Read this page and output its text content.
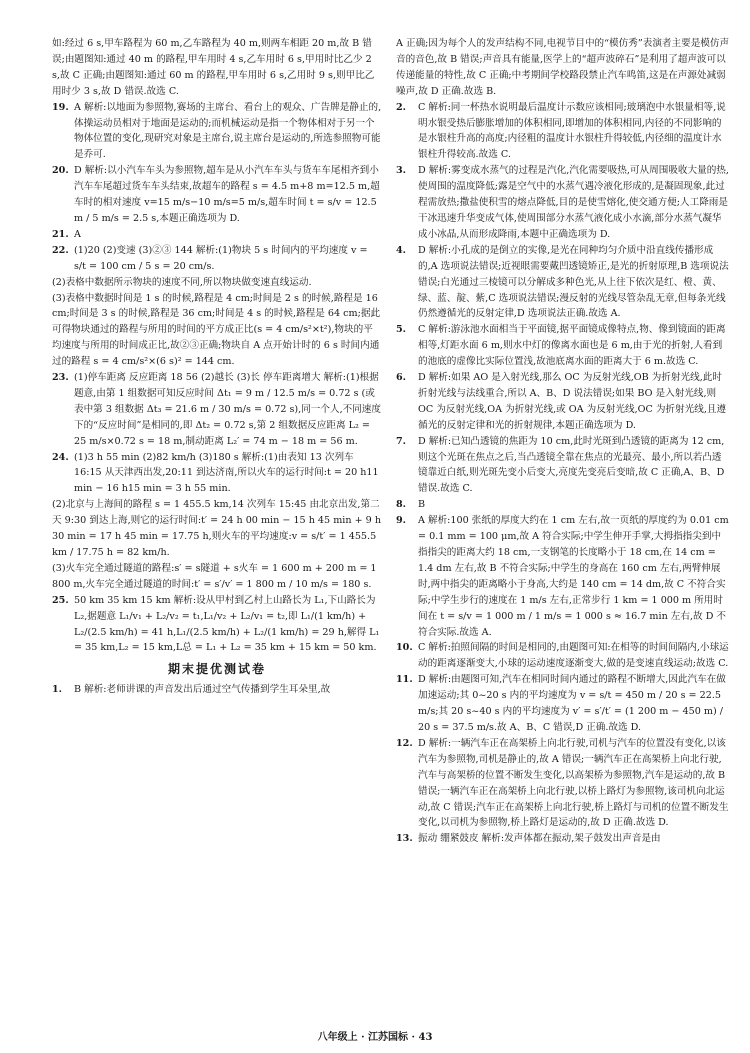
如:经过 6 s,甲车路程为 60 m,乙车路程为 40 m,则两车相距 20 m,故 B 错误;由题图知:通过 40 m 的路程,甲车用时 4 s,乙车用时 6 s,甲用时比乙少 2 s,故 C 正确;由题图知:通过 60 m 的路程,甲车用时 6 s,乙用时 9 s,则甲比乙用时少 3 s,故 D 错误.故选 C.

19. A 解析:以地面为参照物,赛场的主席台、看台上的观众、广告牌是静止的,体操运动员相对于地面是运动的;而机械运动是指一个物体相对于另一个物体位置的变化,现研究对象是主席台,说主席台是运动的,所选参照物可能是乔可.

20. D 解析:以小汽车车头为参照物,超车是从小汽车车头与货车车尾相齐到小汽车车尾超过货车车头结束,故超车的路程 s = 4.5 m+8 m=12.5 m,超车时的相对速度 v=15 m/s−10 m/s=5 m/s,超车时间 t = s/v = 12.5 m / 5 m/s = 2.5 s,本题正确选项为 D.

21. A

22. (1)20 (2)变速 (3)②③ 144 解析:(1)物块 5 s 时间内的平均速度 v = s/t = 100 cm / 5 s = 20 cm/s.

(2)表格中数据所示物块的速度不同,所以物块做变速直线运动.

(3)表格中数据时间是 1 s 的时候,路程是 4 cm;时间是 2 s 的时候,路程是 16 cm;时间是 3 s 的时候,路程是 36 cm;时间是 4 s 的时候,路程是 64 cm;据此可得物块通过的路程与所用的时间的平方成正比(s = 4 cm/s²×t²),物块的平均速度与所用的时间成正比,故②③正确;物块自 A 点开始计时的 6 s 时间内通过的路程 s = 4 cm/s²×(6 s)² = 144 cm.

23. (1)停车距离 反应距离 18 56 (2)越长 (3)长 停车距离增大 解析:(1)根据题意,由第 1 组数据可知反应时间 Δt₁ = 9 m / 12.5 m/s = 0.72 s (或表中第 3 组数据 Δt₃ = 21.6 m / 30 m/s = 0.72 s),同一个人,不同速度下的“反应时间”是相同的,即 Δt₂ = 0.72 s,第 2 组数据反应距离 L₂ = 25 m/s×0.72 s = 18 m,制动距离 L₂′ = 74 m − 18 m = 56 m.

24. (1)3 h 55 min (2)82 km/h (3)180 s 解析:(1)由表知 13 次列车 16:15 从天津西出发,20:11 到达济南,所以火车的运行时间:t = 20 h11 min − 16 h15 min = 3 h 55 min.

(2)北京与上海间的路程 s = 1 455.5 km,14 次列车 15:45 由北京出发,第二天 9:30 到达上海,则它的运行时间:t′ = 24 h 00 min − 15 h 45 min + 9 h 30 min = 17 h 45 min = 17.75 h,则火车的平均速度:v = s/t′ = 1 455.5 km / 17.75 h = 82 km/h.

(3)火车完全通过隧道的路程:s′ = s隧道 + s火车 = 1 600 m + 200 m = 1 800 m,火车完全通过隧道的时间:t′ = s′/v′ = 1 800 m / 10 m/s = 180 s.

25. 50 km 35 km 15 km 解析:设从甲村到乙村上山路长为 L₁,下山路长为 L₂,据题意 L₁/v₁ + L₂/v₂ = t₁,L₁/v₂ + L₂/v₁ = t₂,即 L₁/(1 km/h) + L₂/(2.5 km/h) = 41 h,L₁/(2.5 km/h) + L₂/(1 km/h) = 29 h,解得 L₁ = 35 km,L₂ = 15 km,L总 = L₁ + L₂ = 35 km + 15 km = 50 km.

期末提优测试卷

1. B 解析:老师讲课的声音发出后通过空气传播到学生耳朵里,故

A 正确;因为每个人的发声结构不同,电视节目中的“模仿秀”表演者主要是模仿声音的音色,故 B 错误;声音具有能量,医学上的“超声波碎石”是利用了超声波可以传递能量的特性,故 C 正确;中考期间学校路段禁止汽车鸣笛,这是在声源处减弱噪声,故 D 正确.故选 B.

2. C 解析:同一杯热水说明最后温度计示数应该相同;玻璃泡中水银量相等,说明水银受热后膨胀增加的体积相同,即增加的体积相同,内径的不同影响的是水银柱升高的高度;内径粗的温度计水银柱升得较低,内径细的温度计水银柱升得较高.故选 C.

3. D 解析:雾变成水蒸气的过程是汽化,汽化需要吸热,可从周围吸收大量的热,使周围的温度降低;露是空气中的水蒸气遇冷液化形成的,是凝固现象,此过程需放热;撒盐使积雪的熔点降低,目的是使雪熔化,使交通方便;人工降雨是干冰迅速升华变成气体,使周围部分水蒸气液化成小水滴,部分水蒸气凝华成小冰晶,从而形成降雨,本题中正确选项为 D.

4. D 解析:小孔成的是倒立的实像,是光在同种均匀介质中沿直线传播形成的,A 选项说法错误;近视眼需要戴凹透镜矫正,是光的折射原理,B 选项说法错误;白光通过三棱镜可以分解成多种色光,从上往下依次是红、橙、黄、绿、蓝、靛、紫,C 选项说法错误;漫反射的光线尽管杂乱无章,但每条光线仍然遵循光的反射定律,D 选项说法正确.故选 A.

5. C 解析:游泳池水面相当于平面镜,据平面镜成像特点,物、像到镜面的距离相等,灯距水面 6 m,则水中灯的像离水面也是 6 m,由于光的折射,人看到的池底的虚像比实际位置浅,故池底离水面的距离大于 6 m.故选 C.

6. D 解析:如果 AO 是入射光线,那么 OC 为反射光线,OB 为折射光线,此时折射光线与法线重合,所以 A、B、D 说法错误;如果 BO 是入射光线,则 OC 为反射光线,OA 为折射光线,或 OA 为反射光线,OC 为折射光线,且遵循光的反射定律和光的折射规律,本题正确选项为 D.

7. D 解析:已知凸透镜的焦距为 10 cm,此时光斑到凸透镜的距离为 12 cm,则这个光斑在焦点之后,当凸透镜全靠在焦点的光最亮、最小,所以若凸透镜靠近白纸,则光斑先变小后变大,亮度先变亮后变暗,故 C 正确,A、B、D 错误.故选 C.

8. B

9. A 解析:100 张纸的厚度大约在 1 cm 左右,故一页纸的厚度约为 0.01 cm = 0.1 mm = 100 μm,故 A 符合实际;中学生伸开手掌,大拇指指尖到中指指尖的距离大约 18 cm,一支钢笔的长度略小于 18 cm,在 14 cm = 1.4 dm 左右,故 B 不符合实际;中学生的身高在 160 cm 左右,两臂伸展时,两中指尖的距离略小于身高,大约是 140 cm = 14 dm,故 C 不符合实际;中学生步行的速度在 1 m/s 左右,正常步行 1 km = 1 000 m 所用时间在 t = s/v = 1 000 m / 1 m/s = 1 000 s ≈ 16.7 min 左右,故 D 不符合实际.故选 A.

10. C 解析:拍照间隔的时间是相同的,由题图可知:在相等的时间间隔内,小球运动的距离逐渐变大,小球的运动速度逐渐变大,做的是变速直线运动;故选 C.

11. D 解析:由题图可知,汽车在相同时间内通过的路程不断增大,因此汽车在做加速运动;其 0~20 s 内的平均速度为 v = s/t = 450 m / 20 s = 22.5 m/s;其 20 s~40 s 内的平均速度为 v′ = s′/t′ = (1 200 m − 450 m) / 20 s = 37.5 m/s.故 A、B、C 错误,D 正确.故选 D.

12. D 解析:一辆汽车正在高架桥上向北行驶,司机与汽车的位置没有变化,以该汽车为参照物,司机是静止的,故 A 错误;一辆汽车正在高架桥上向北行驶,汽车与高架桥的位置不断发生变化,以高架桥为参照物,汽车是运动的,故 B 错误;一辆汽车正在高架桥上向北行驶,以桥上路灯为参照物,该司机向北运动,故 C 错误;汽车正在高架桥上向北行驶,桥上路灯与司机的位置不断发生变化,以司机为参照物,桥上路灯是运动的,故 D 正确.故选 D.

13. 振动 绷紧鼓皮 解析:发声体都在振动,架子鼓发出声音是由

八年级上 · 江苏国标 · 43
